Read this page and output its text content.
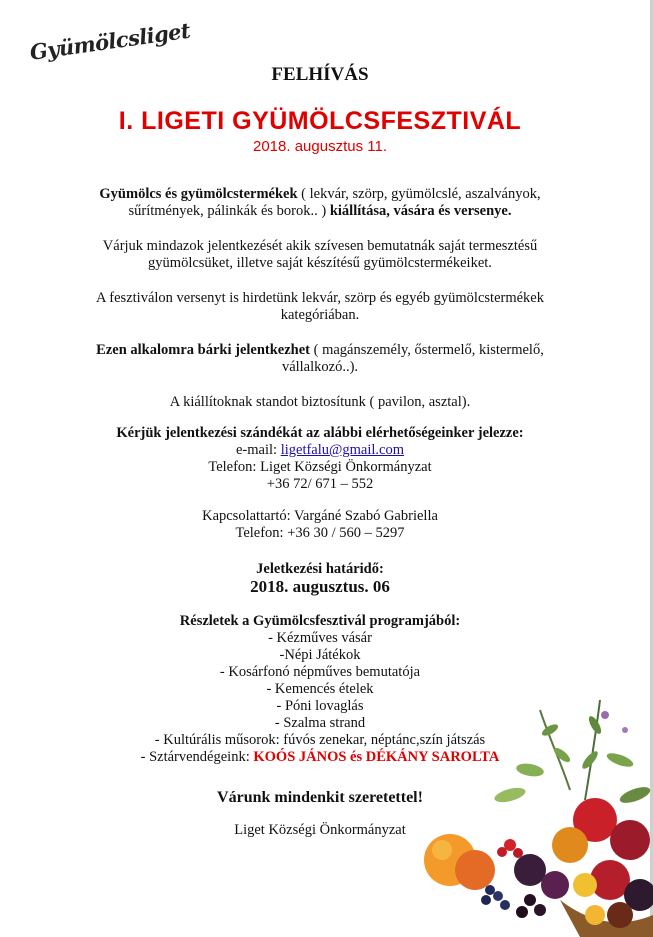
Gyümölcsliget
FELHÍVÁS
I. LIGETI GYÜMÖLCSFESZTIVÁL
2018. augusztus 11.
Gyümölcs és gyümölcstermékek ( lekvár, szörp, gyümölcslé, aszalványok,
sűrítmények, pálinkák és borok.. ) kiállítása, vására és versenye.
Várjuk mindazok jelentkezését akik szívesen bemutatnák saját termesztésű
gyümölcsüket, illetve saját készítésű gyümölcstermékeiket.
A fesztiválon versenyt is hirdetünk lekvár, szörp és egyéb gyümölcstermékek
kategóriában.
Ezen alkalomra bárki jelentkezhet ( magánszemély, őstermelő, kistermelő,
vállalkozó..).
A kiállítoknak standot biztosítunk ( pavilon, asztal).
Kérjük jelentkezési szándékát az alábbi elérhetőségeinker jelezze:
e-mail: ligetfalu@gmail.com
Telefon: Liget Községi Önkormányzat
+36 72/ 671 – 552
Kapcsolattartó: Vargáné Szabó Gabriella
Telefon: +36 30 / 560 – 5297
Jeletkezési határidő:
2018. augusztus. 06
Részletek a Gyümölcsfesztivál programjából:
- Kézműves vásár
-Népi Játékok
- Kosárfonó népműves bemutatója
- Kemencés ételek
- Póni lovaglás
- Szalma strand
- Kultúrális műsorok: fúvós zenekar, néptánc,szín játszás
- Sztárvendégeink: KOÓS JÁNOS és DÉKÁNY SAROLTA
Várunk mindenkit szeretettel!
Liget Községi Önkormányzat
